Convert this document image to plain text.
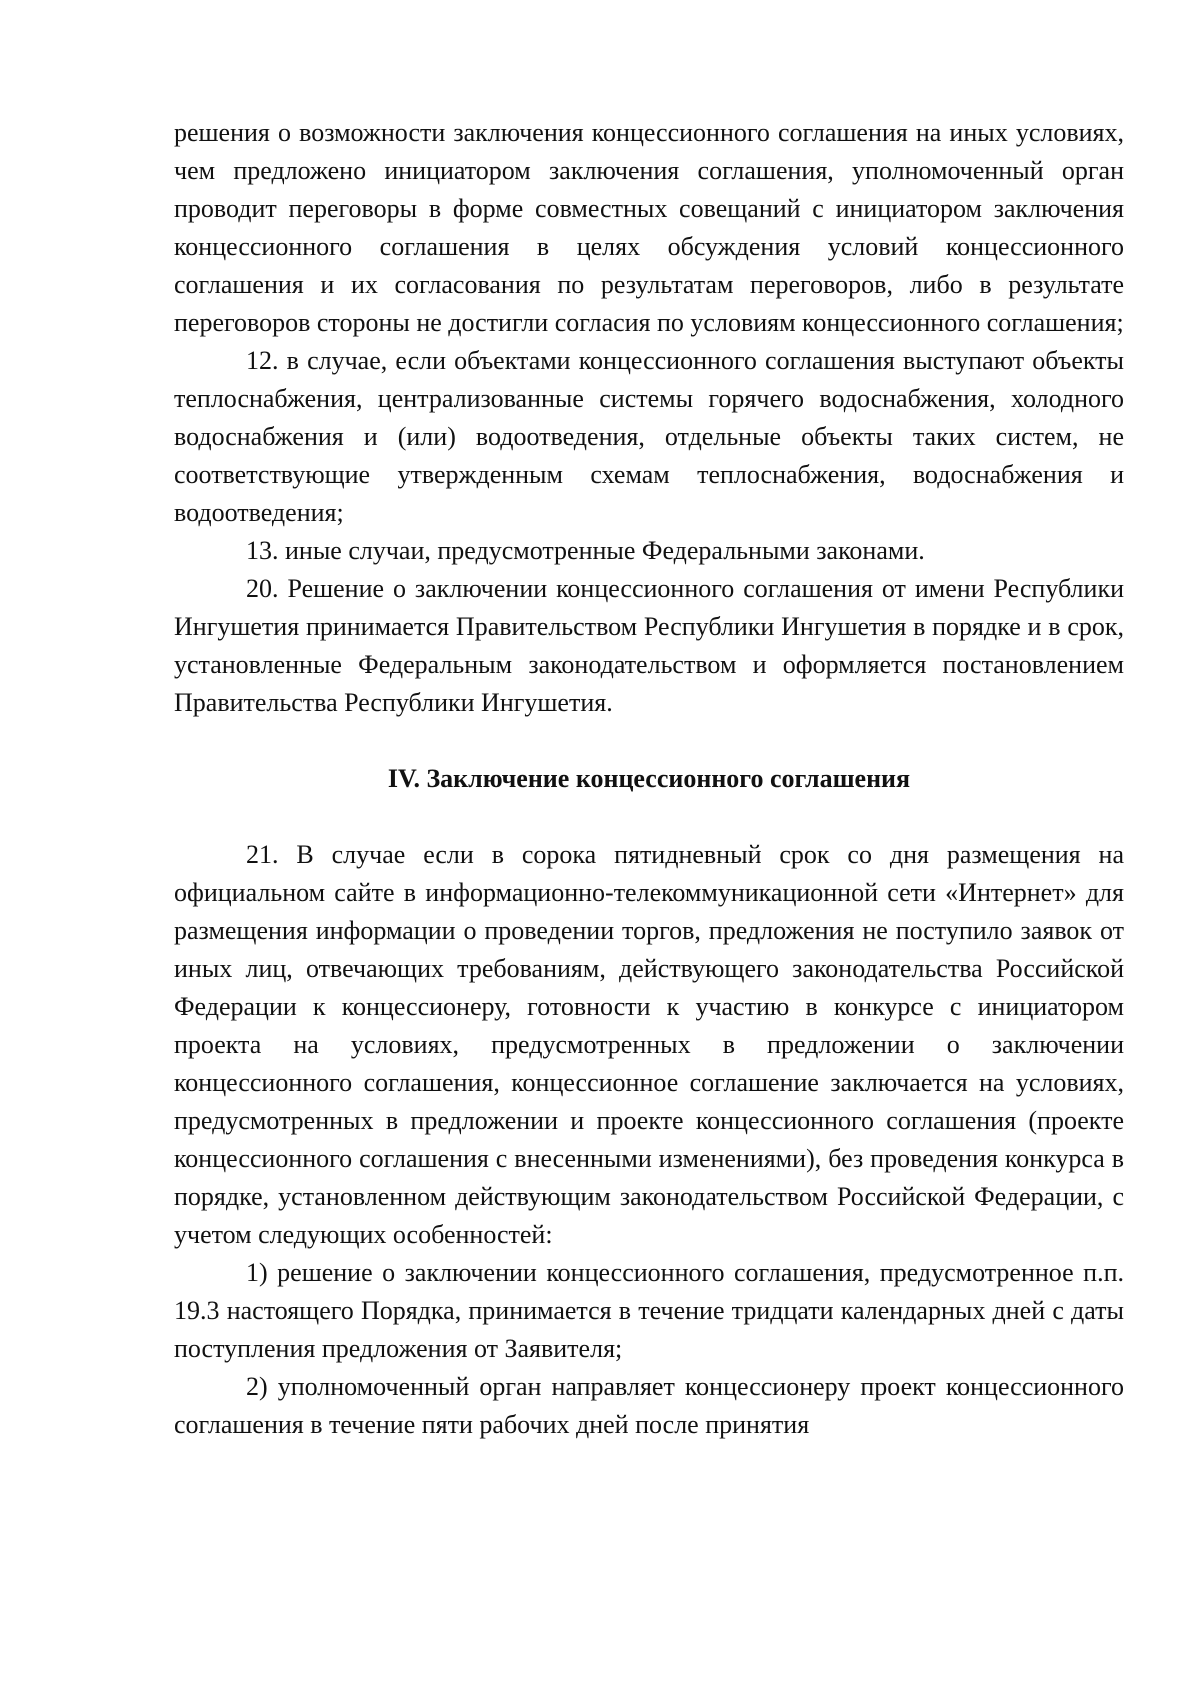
решения о возможности заключения концессионного соглашения на иных условиях, чем предложено инициатором заключения соглашения, уполномоченный орган проводит переговоры в форме совместных совещаний с инициатором заключения концессионного соглашения в целях обсуждения условий концессионного соглашения и их согласования по результатам переговоров, либо в результате переговоров стороны не достигли согласия по условиям концессионного соглашения;

12. в случае, если объектами концессионного соглашения выступают объекты теплоснабжения, централизованные системы горячего водоснабжения, холодного водоснабжения и (или) водоотведения, отдельные объекты таких систем, не соответствующие утвержденным схемам теплоснабжения, водоснабжения и водоотведения;

13. иные случаи, предусмотренные Федеральными законами.

20. Решение о заключении концессионного соглашения от имени Республики Ингушетия принимается Правительством Республики Ингушетия в порядке и в срок, установленные Федеральным законодательством и оформляется постановлением Правительства Республики Ингушетия.

IV. Заключение концессионного соглашения

21. В случае если в сорока пятидневный срок со дня размещения на официальном сайте в информационно-телекоммуникационной сети «Интернет» для размещения информации о проведении торгов, предложения не поступило заявок от иных лиц, отвечающих требованиям, действующего законодательства Российской Федерации к концессионеру, готовности к участию в конкурсе с инициатором проекта на условиях, предусмотренных в предложении о заключении концессионного соглашения, концессионное соглашение заключается на условиях, предусмотренных в предложении и проекте концессионного соглашения (проекте концессионного соглашения с внесенными изменениями), без проведения конкурса в порядке, установленном действующим законодательством Российской Федерации, с учетом следующих особенностей:

1) решение о заключении концессионного соглашения, предусмотренное п.п. 19.3 настоящего Порядка, принимается в течение тридцати календарных дней с даты поступления предложения от Заявителя;

2) уполномоченный орган направляет концессионеру проект концессионного соглашения в течение пяти рабочих дней после принятия
